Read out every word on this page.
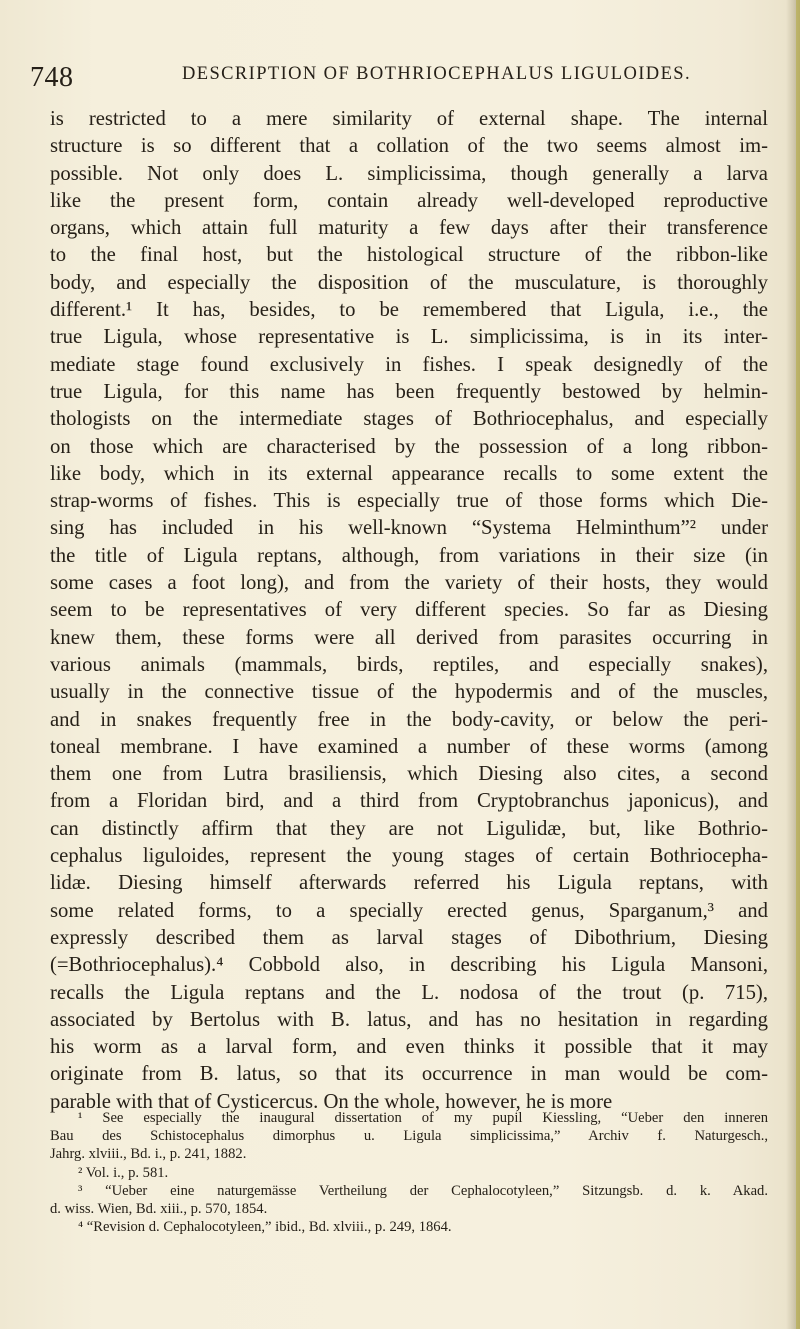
748	DESCRIPTION OF BOTHRIOCEPHALUS LIGULOIDES.

is restricted to a mere similarity of external shape. The internal

structure is so different that a collation of the two seems almost im-

possible. Not only does L. simplicissima, though generally a larva

like the present form, contain already well-developed reproductive

organs, which attain full maturity a few days after their transference

to the final host, but the histological structure of the ribbon-like

body, and especially the disposition of the musculature, is thoroughly

different.¹ It has, besides, to be remembered that Ligula, i.e., the

true Ligula, whose representative is L. simplicissima, is in its inter-

mediate stage found exclusively in fishes. I speak designedly of the

true Ligula, for this name has been frequently bestowed by helmin-

thologists on the intermediate stages of Bothriocephalus, and especially

on those which are characterised by the possession of a long ribbon-

like body, which in its external appearance recalls to some extent the

strap-worms of fishes. This is especially true of those forms which Die-

sing has included in his well-known “Systema Helminthum”² under

the title of Ligula reptans, although, from variations in their size (in

some cases a foot long), and from the variety of their hosts, they would

seem to be representatives of very different species. So far as Diesing

knew them, these forms were all derived from parasites occurring in

various animals (mammals, birds, reptiles, and especially snakes),

usually in the connective tissue of the hypodermis and of the muscles,

and in snakes frequently free in the body-cavity, or below the peri-

toneal membrane. I have examined a number of these worms (among

them one from Lutra brasiliensis, which Diesing also cites, a second

from a Floridan bird, and a third from Cryptobranchus japonicus), and

can distinctly affirm that they are not Ligulidæ, but, like Bothrio-

cephalus liguloides, represent the young stages of certain Bothriocepha-

lidæ. Diesing himself afterwards referred his Ligula reptans, with

some related forms, to a specially erected genus, Sparganum,³ and

expressly described them as larval stages of Dibothrium, Diesing

(=Bothriocephalus).⁴ Cobbold also, in describing his Ligula Mansoni,

recalls the Ligula reptans and the L. nodosa of the trout (p. 715),

associated by Bertolus with B. latus, and has no hesitation in regarding

his worm as a larval form, and even thinks it possible that it may

originate from B. latus, so that its occurrence in man would be com-

parable with that of Cysticercus. On the whole, however, he is more

¹ See especially the inaugural dissertation of my pupil Kiessling, “Ueber den inneren

Bau des Schistocephalus dimorphus u. Ligula simplicissima,” Archiv f. Naturgesch.,

Jahrg. xlviii., Bd. i., p. 241, 1882.

² Vol. i., p. 581.

³ “Ueber eine naturgemässe Vertheilung der Cephalocotyleen,” Sitzungsb. d. k. Akad.

d. wiss. Wien, Bd. xiii., p. 570, 1854.

⁴ “Revision d. Cephalocotyleen,” ibid., Bd. xlviii., p. 249, 1864.
